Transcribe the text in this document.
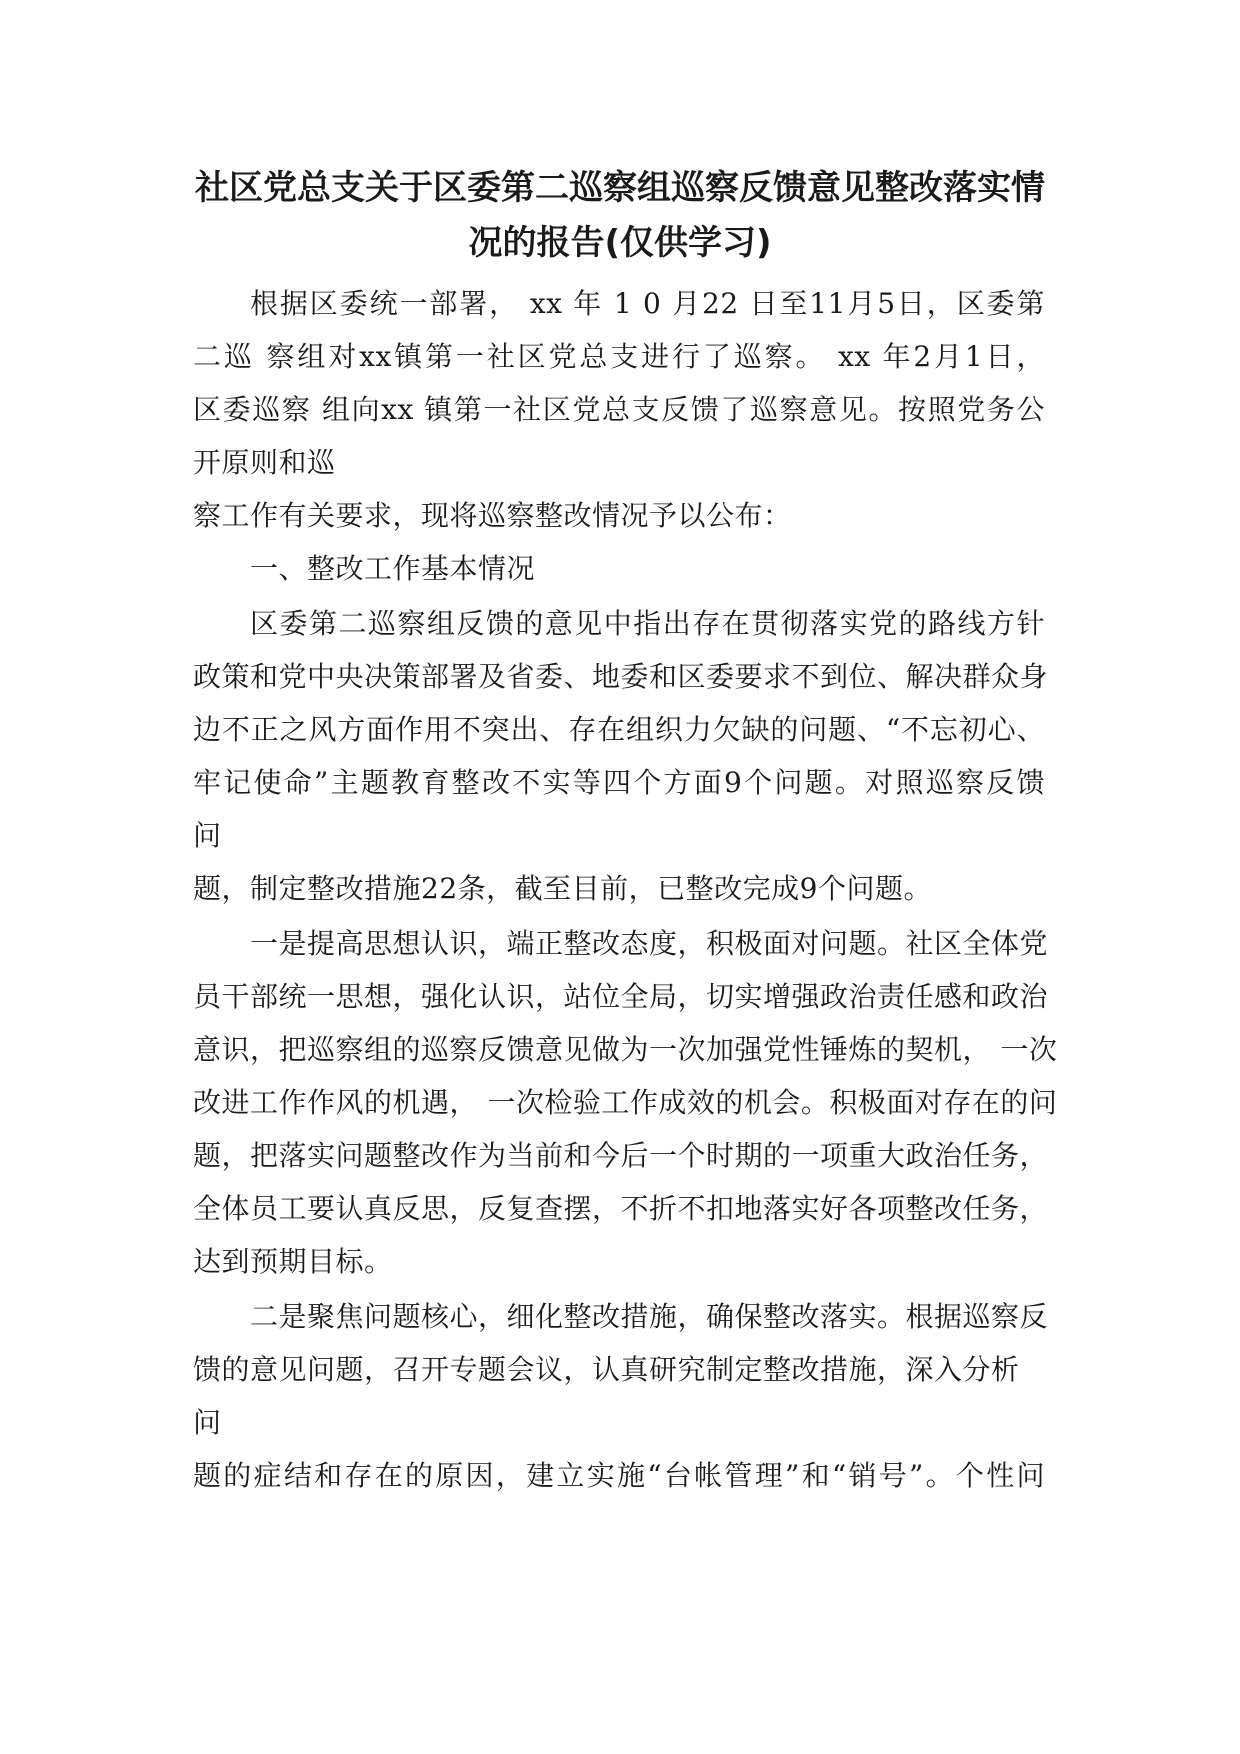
社区党总支关于区委第二巡察组巡察反馈意见整改落实情
况的报告(仅供学习)
根据区委统一部署， xx 年 1 0 月22 日至11月5日，区委第
二巡 察组对xx镇第一社区党总支进行了巡察。 xx 年2月1日，
区委巡察 组向xx 镇第一社区党总支反馈了巡察意见。按照党务公
开原则和巡
察工作有关要求，现将巡察整改情况予以公布：
一、整改工作基本情况
区委第二巡察组反馈的意见中指出存在贯彻落实党的路线方针
政策和党中央决策部署及省委、地委和区委要求不到位、解决群众身
边不正之风方面作用不突出、存在组织力欠缺的问题、“不忘初心、
牢记使命”主题教育整改不实等四个方面9个问题。对照巡察反馈
问
题，制定整改措施22条，截至目前，已整改完成9个问题。
一是提高思想认识，端正整改态度，积极面对问题。社区全体党
员干部统一思想，强化认识，站位全局，切实增强政治责任感和政治
意识，把巡察组的巡察反馈意见做为一次加强党性锤炼的契机， 一次
改进工作作风的机遇， 一次检验工作成效的机会。积极面对存在的问
题，把落实问题整改作为当前和今后一个时期的一项重大政治任务，
全体员工要认真反思，反复查摆，不折不扣地落实好各项整改任务，
达到预期目标。
二是聚焦问题核心，细化整改措施，确保整改落实。根据巡察反
馈的意见问题，召开专题会议，认真研究制定整改措施，深入分析
问
题的症结和存在的原因，建立实施“台帐管理”和“销号”。个性问
